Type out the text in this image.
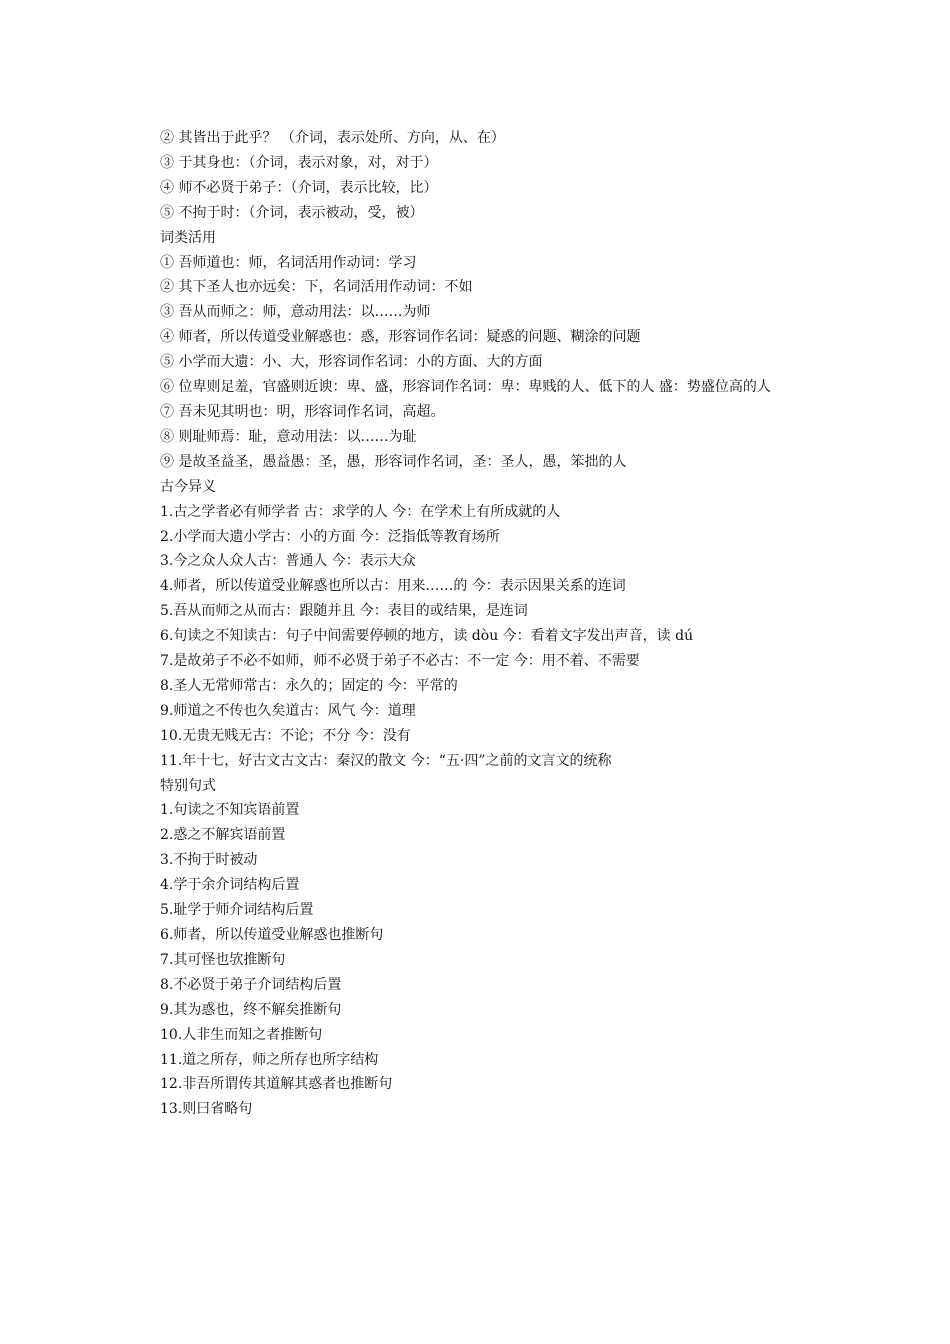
② 其皆出于此乎？ （介词，表示处所、方向，从、在）
③ 于其身也：（介词，表示对象，对，对于）
④ 师不必贤于弟子：（介词，表示比较，比）
⑤ 不拘于时：（介词，表示被动，受，被）
词类活用
① 吾师道也：师，名词活用作动词：学习
② 其下圣人也亦远矣：下，名词活用作动词：不如
③ 吾从而师之：师，意动用法：以……为师
④ 师者，所以传道受业解惑也：惑，形容词作名词：疑惑的问题、糊涂的问题
⑤ 小学而大遗：小、大，形容词作名词：小的方面、大的方面
⑥ 位卑则足羞，官盛则近谀：卑、盛，形容词作名词：卑：卑贱的人、低下的人 盛：势盛位高的人
⑦ 吾未见其明也：明，形容词作名词，高超。
⑧ 则耻师焉：耻，意动用法：以……为耻
⑨ 是故圣益圣，愚益愚：圣，愚，形容词作名词，圣：圣人，愚，笨拙的人
古今异义
1.古之学者必有师学者 古：求学的人 今：在学术上有所成就的人
2.小学而大遗小学古：小的方面 今：泛指低等教育场所
3.今之众人众人古：普通人 今：表示大众
4.师者，所以传道受业解惑也所以古：用来……的 今：表示因果关系的连词
5.吾从而师之从而古：跟随并且 今：表目的或结果，是连词
6.句读之不知读古：句子中间需要停顿的地方，读 dòu 今：看着文字发出声音，读 dú
7.是故弟子不必不如师，师不必贤于弟子不必古：不一定 今：用不着、不需要
8.圣人无常师常古：永久的；固定的 今：平常的
9.师道之不传也久矣道古：风气 今：道理
10.无贵无贱无古：不论；不分 今：没有
11.年十七，好古文古文古：秦汉的散文 今：“五·四”之前的文言文的统称
特别句式
1.句读之不知宾语前置
2.惑之不解宾语前置
3.不拘于时被动
4.学于余介词结构后置
5.耻学于师介词结构后置
6.师者，所以传道受业解惑也推断句
7.其可怪也欤推断句
8.不必贤于弟子介词结构后置
9.其为惑也，终不解矣推断句
10.人非生而知之者推断句
11.道之所存，师之所存也所字结构
12.非吾所谓传其道解其惑者也推断句
13.则曰省略句
